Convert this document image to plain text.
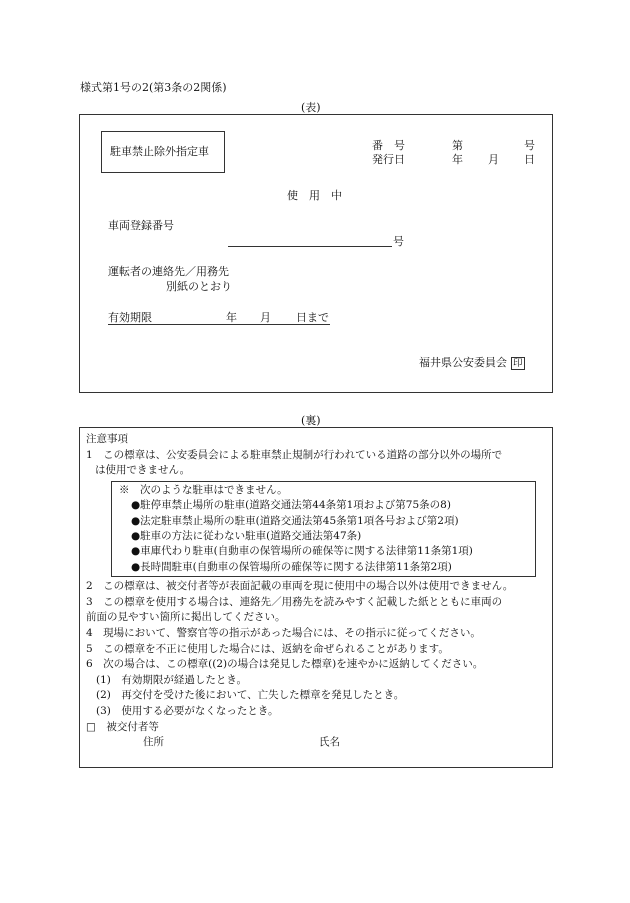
様式第1号の2(第3条の2関係)
(表)
駐車禁止除外指定車	番　号	第	号
発行日	年 月 日
使　用　中
車両登録番号
号
運転者の連絡先／用務先
別紙のとおり
有効期限	年 月 日まで
福井県公安委員会 印
(裏)
注意事項
1　この標章は、公安委員会による駐車禁止規制が行われている道路の部分以外の場所で
は使用できません。
※　次のような駐車はできません。
●駐停車禁止場所の駐車(道路交通法第44条第1項および第75条の8)
●法定駐車禁止場所の駐車(道路交通法第45条第1項各号および第2項)
●駐車の方法に従わない駐車(道路交通法第47条)
●車庫代わり駐車(自動車の保管場所の確保等に関する法律第11条第1項)
●長時間駐車(自動車の保管場所の確保等に関する法律第11条第2項)
2　この標章は、被交付者等が表面記載の車両を現に使用中の場合以外は使用できません。
3　この標章を使用する場合は、連絡先／用務先を読みやすく記載した紙とともに車両の
前面の見やすい箇所に掲出してください。
4　現場において、警察官等の指示があった場合には、その指示に従ってください。
5　この標章を不正に使用した場合には、返納を命ぜられることがあります。
6　次の場合は、この標章((2)の場合は発見した標章)を速やかに返納してください。
(1)　有効期限が経過したとき。
(2)　再交付を受けた後において、亡失した標章を発見したとき。
(3)　使用する必要がなくなったとき。
□　被交付者等
住所	氏名
